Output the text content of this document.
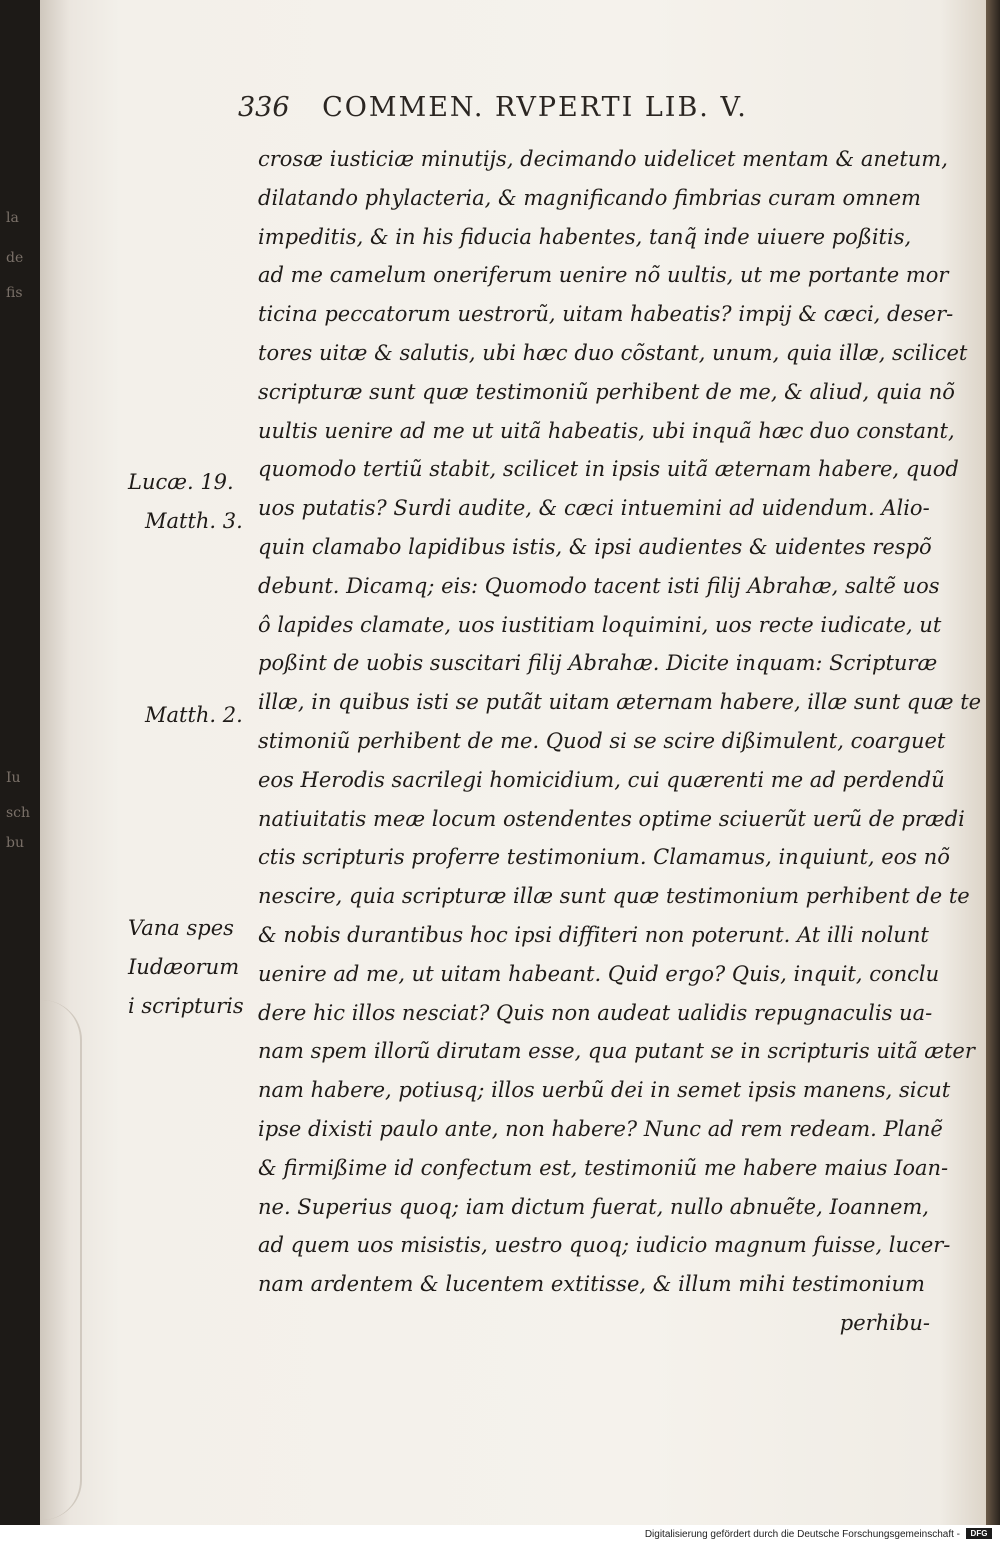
la
de
fis
Iu
sch
bu
336 COMMEN. RVPERTI LIB. V.
crosæ iusticiæ minutijs, decimando uidelicet mentam & anetum,
dilatando phylacteria, & magnificando fimbrias curam omnem
impeditis, & in his fiducia habentes, tanq̃ inde uiuere poßitis,
ad me camelum oneriferum uenire nõ uultis, ut me portante mor
ticina peccatorum uestrorũ, uitam habeatis? impij & cæci, deser-
tores uitæ & salutis, ubi hæc duo cõstant, unum, quia illæ, scilicet
scripturæ sunt quæ testimoniũ perhibent de me, & aliud, quia nõ
uultis uenire ad me ut uitã habeatis, ubi inquã hæc duo constant,
quomodo tertiũ stabit, scilicet in ipsis uitã æternam habere, quod
uos putatis? Surdi audite, & cæci intuemini ad uidendum. Alio-
quin clamabo lapidibus istis, & ipsi audientes & uidentes respõ
debunt. Dicamq; eis: Quomodo tacent isti filij Abrahæ, saltẽ uos
ô lapides clamate, uos iustitiam loquimini, uos recte iudicate, ut
poßint de uobis suscitari filij Abrahæ. Dicite inquam: Scripturæ
illæ, in quibus isti se putãt uitam æternam habere, illæ sunt quæ te
stimoniũ perhibent de me. Quod si se scire dißimulent, coarguet
eos Herodis sacrilegi homicidium, cui quærenti me ad perdendũ
natiuitatis meæ locum ostendentes optime sciuerũt uerũ de prædi
ctis scripturis proferre testimonium. Clamamus, inquiunt, eos nõ
nescire, quia scripturæ illæ sunt quæ testimonium perhibent de te
& nobis durantibus hoc ipsi diffiteri non poterunt. At illi nolunt
uenire ad me, ut uitam habeant. Quid ergo? Quis, inquit, conclu
dere hic illos nesciat? Quis non audeat ualidis repugnaculis ua-
nam spem illorũ dirutam esse, qua putant se in scripturis uitã æter
nam habere, potiusq; illos uerbũ dei in semet ipsis manens, sicut
ipse dixisti paulo ante, non habere? Nunc ad rem redeam. Planẽ
& firmißime id confectum est, testimoniũ me habere maius Ioan-
ne. Superius quoq; iam dictum fuerat, nullo abnuẽte, Ioannem,
ad quem uos misistis, uestro quoq; iudicio magnum fuisse, lucer-
nam ardentem & lucentem extitisse, & illum mihi testimonium
perhibu-
Lucæ. 19.
Matth. 3.
Matth. 2.
Vana spes
Iudæorum
i scripturis
Digitalisierung gefördert durch die Deutsche Forschungsgemeinschaft -	DFG
